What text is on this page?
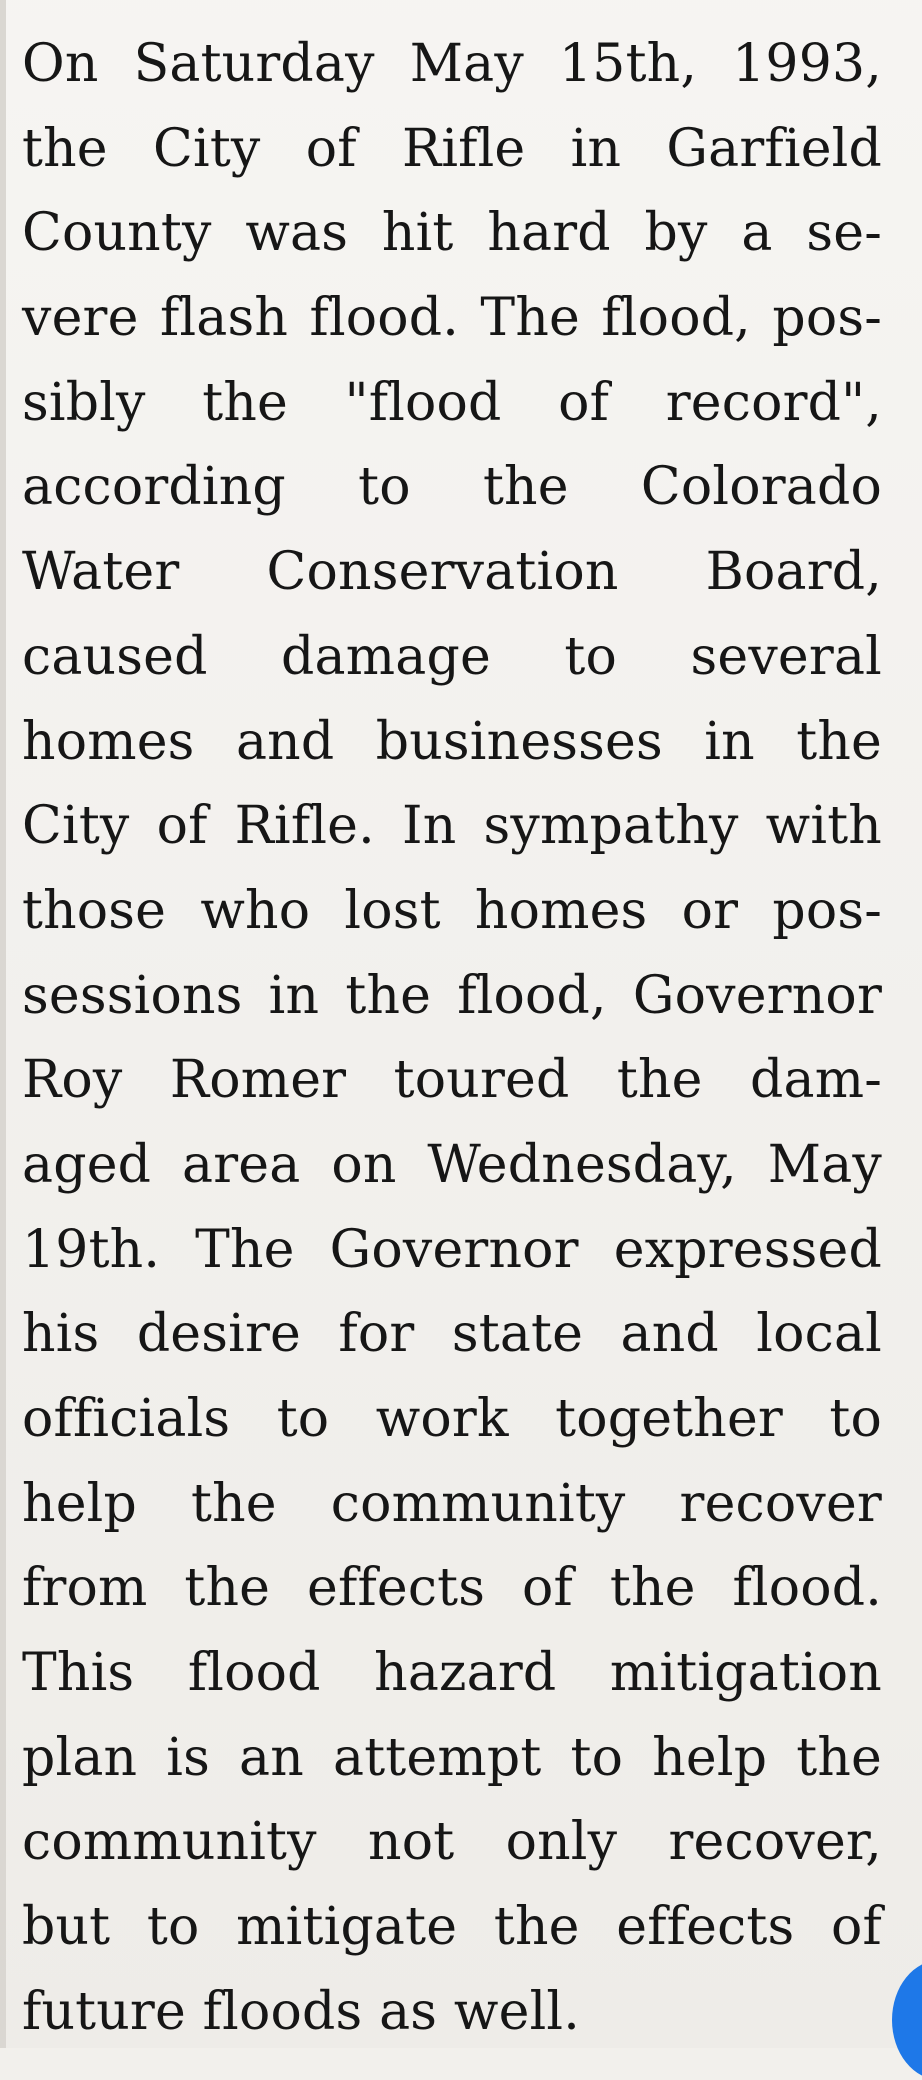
On Saturday May 15th, 1993,
the City of Rifle in Garfield
County was hit hard by a se-
vere flash flood. The flood, pos-
sibly the "flood of record",
according to the Colorado
Water Conservation Board,
caused damage to several
homes and businesses in the
City of Rifle. In sympathy with
those who lost homes or pos-
sessions in the flood, Governor
Roy Romer toured the dam-
aged area on Wednesday, May
19th. The Governor expressed
his desire for state and local
officials to work together to
help the community recover
from the effects of the flood.
This flood hazard mitigation
plan is an attempt to help the
community not only recover,
but to mitigate the effects of
future floods as well.
